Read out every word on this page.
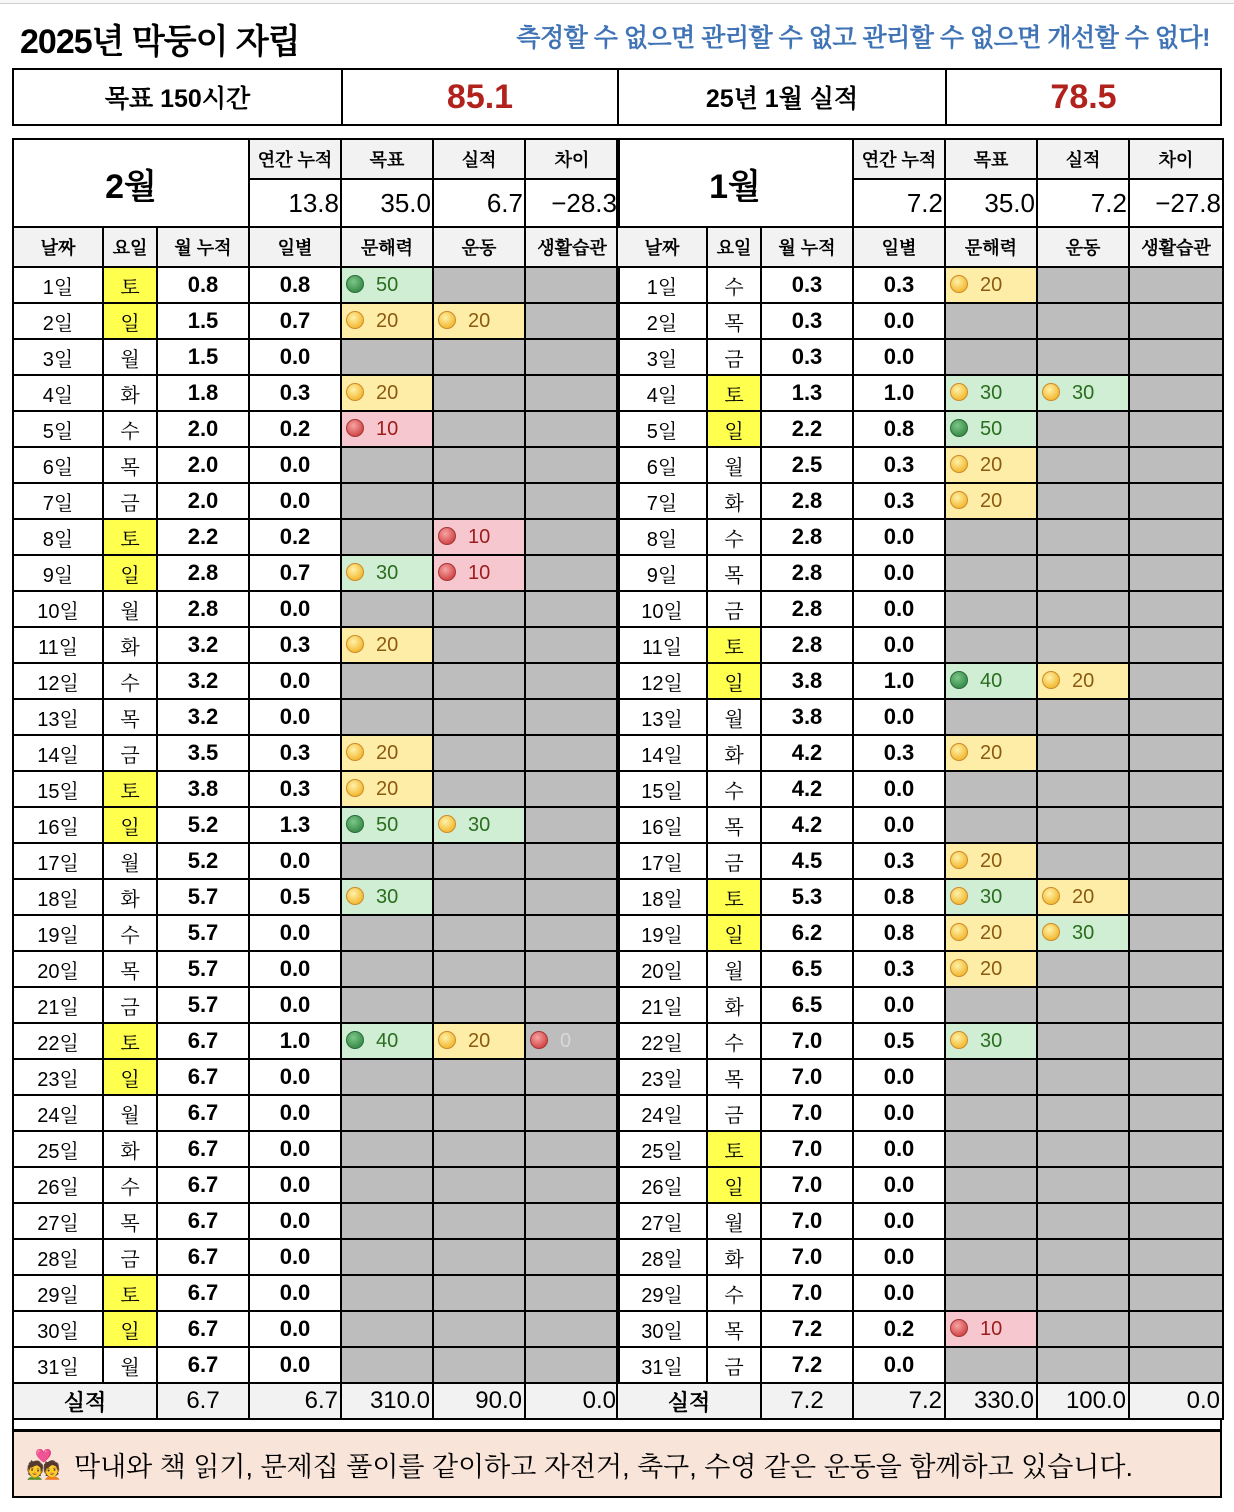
2025년 막둥이 자립	측정할 수 없으면 관리할 수 없고 관리할 수 없으면 개선할 수 없다!
목표 150시간	85.1	25년 1월 실적	78.5
2월			연간 누적	목표	실적	차이
			13.8	35.0	6.7	−28.3
날짜	요일	월 누적	일별	문해력	운동	생활습관
1일	토	0.8	0.8	50		
2일	일	1.5	0.7	20	20	
3일	월	1.5	0.0			
4일	화	1.8	0.3	20		
5일	수	2.0	0.2	10		
6일	목	2.0	0.0			
7일	금	2.0	0.0			
8일	토	2.2	0.2		10	
9일	일	2.8	0.7	30	10	
10일	월	2.8	0.0			
11일	화	3.2	0.3	20		
12일	수	3.2	0.0			
13일	목	3.2	0.0			
14일	금	3.5	0.3	20		
15일	토	3.8	0.3	20		
16일	일	5.2	1.3	50	30	
17일	월	5.2	0.0			
18일	화	5.7	0.5	30		
19일	수	5.7	0.0			
20일	목	5.7	0.0			
21일	금	5.7	0.0			
22일	토	6.7	1.0	40	20	0
23일	일	6.7	0.0			
24일	월	6.7	0.0			
25일	화	6.7	0.0			
26일	수	6.7	0.0			
27일	목	6.7	0.0			
28일	금	6.7	0.0			
29일	토	6.7	0.0			
30일	일	6.7	0.0			
31일	월	6.7	0.0			
실적		6.7	6.7	310.0	90.0	0.0
1월			연간 누적	목표	실적	차이
			7.2	35.0	7.2	−27.8
날짜	요일	월 누적	일별	문해력	운동	생활습관
1일	수	0.3	0.3	20		
2일	목	0.3	0.0			
3일	금	0.3	0.0			
4일	토	1.3	1.0	30	30	
5일	일	2.2	0.8	50		
6일	월	2.5	0.3	20		
7일	화	2.8	0.3	20		
8일	수	2.8	0.0			
9일	목	2.8	0.0			
10일	금	2.8	0.0			
11일	토	2.8	0.0			
12일	일	3.8	1.0	40	20	
13일	월	3.8	0.0			
14일	화	4.2	0.3	20		
15일	수	4.2	0.0			
16일	목	4.2	0.0			
17일	금	4.5	0.3	20		
18일	토	5.3	0.8	30	20	
19일	일	6.2	0.8	20	30	
20일	월	6.5	0.3	20		
21일	화	6.5	0.0			
22일	수	7.0	0.5	30		
23일	목	7.0	0.0			
24일	금	7.0	0.0			
25일	토	7.0	0.0			
26일	일	7.0	0.0			
27일	월	7.0	0.0			
28일	화	7.0	0.0			
29일	수	7.0	0.0			
30일	목	7.2	0.2	10		
31일	금	7.2	0.0			
실적		7.2	7.2	330.0	100.0	0.0
💑 막내와 책 읽기, 문제집 풀이를 같이하고 자전거, 축구, 수영 같은 운동을 함께하고 있습니다.
